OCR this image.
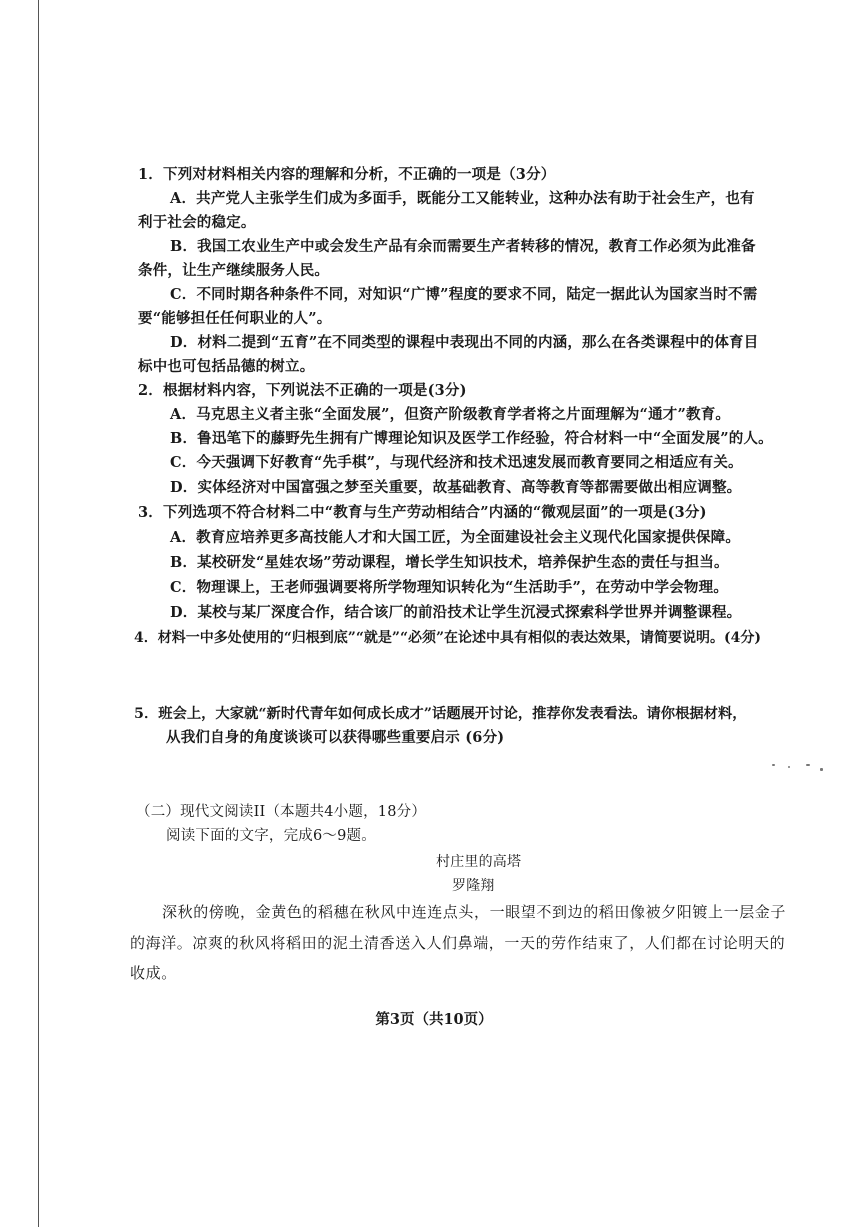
1．下列对材料相关内容的理解和分析，不正确的一项是（3分）
A．共产党人主张学生们成为多面手，既能分工又能转业，这种办法有助于社会生产，也有
利于社会的稳定。
B．我国工农业生产中或会发生产品有余而需要生产者转移的情况，教育工作必须为此准备
条件，让生产继续服务人民。
C．不同时期各种条件不同，对知识“广博”程度的要求不同，陆定一据此认为国家当时不需
要“能够担任任何职业的人”。
D．材料二提到“五育”在不同类型的课程中表现出不同的内涵，那么在各类课程中的体育目
标中也可包括品德的树立。
2．根据材料内容，下列说法不正确的一项是(3分)
A．马克思主义者主张“全面发展”，但资产阶级教育学者将之片面理解为“通才”教育。
B．鲁迅笔下的藤野先生拥有广博理论知识及医学工作经验，符合材料一中“全面发展”的人。
C．今天强调下好教育“先手棋”，与现代经济和技术迅速发展而教育要同之相适应有关。
D．实体经济对中国富强之梦至关重要，故基础教育、高等教育等都需要做出相应调整。
3．下列选项不符合材料二中“教育与生产劳动相结合”内涵的“微观层面”的一项是(3分)
A．教育应培养更多高技能人才和大国工匠，为全面建设社会主义现代化国家提供保障。
B．某校研发“星娃农场”劳动课程，增长学生知识技术，培养保护生态的责任与担当。
C．物理课上，王老师强调要将所学物理知识转化为“生活助手”，在劳动中学会物理。
D．某校与某厂深度合作，结合该厂的前沿技术让学生沉浸式探索科学世界并调整课程。
4．材料一中多处使用的“归根到底”“就是”“必须”在论述中具有相似的表达效果，请简要说明。(4分)
5．班会上，大家就“新时代青年如何成长成才”话题展开讨论，推荐你发表看法。请你根据材料，
从我们自身的角度谈谈可以获得哪些重要启示 (6分)
（二）现代文阅读II（本题共4小题，18分）
阅读下面的文字，完成6～9题。
村庄里的高塔
罗隆翔
深秋的傍晚，金黄色的稻穗在秋风中连连点头，一眼望不到边的稻田像被夕阳镀上一层金子
的海洋。凉爽的秋风将稻田的泥土清香送入人们鼻端，一天的劳作结束了，人们都在讨论明天的
收成。
第3页（共10页）
